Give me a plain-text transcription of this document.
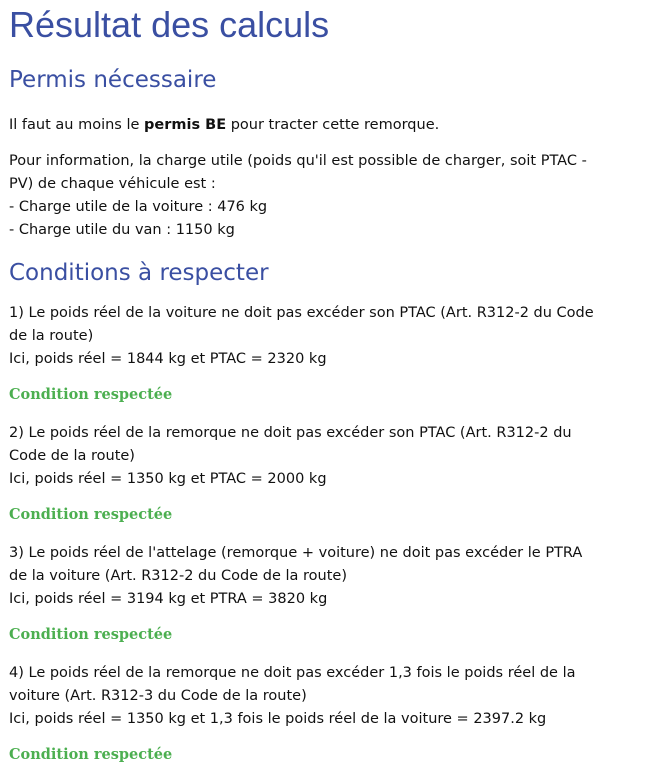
Résultat des calculs
Permis nécessaire

Il faut au moins le permis BE pour tracter cette remorque.

Pour information, la charge utile (poids qu'il est possible de charger, soit PTAC -
PV) de chaque véhicule est :
- Charge utile de la voiture : 476 kg
- Charge utile du van : 1150 kg

Conditions à respecter

1) Le poids réel de la voiture ne doit pas excéder son PTAC (Art. R312-2 du Code
de la route)
Ici, poids réel = 1844 kg et PTAC = 2320 kg

Condition respectée

2) Le poids réel de la remorque ne doit pas excéder son PTAC (Art. R312-2 du
Code de la route)
Ici, poids réel = 1350 kg et PTAC = 2000 kg

Condition respectée

3) Le poids réel de l'attelage (remorque + voiture) ne doit pas excéder le PTRA
de la voiture (Art. R312-2 du Code de la route)
Ici, poids réel = 3194 kg et PTRA = 3820 kg

Condition respectée

4) Le poids réel de la remorque ne doit pas excéder 1,3 fois le poids réel de la
voiture (Art. R312-3 du Code de la route)
Ici, poids réel = 1350 kg et 1,3 fois le poids réel de la voiture = 2397.2 kg

Condition respectée
